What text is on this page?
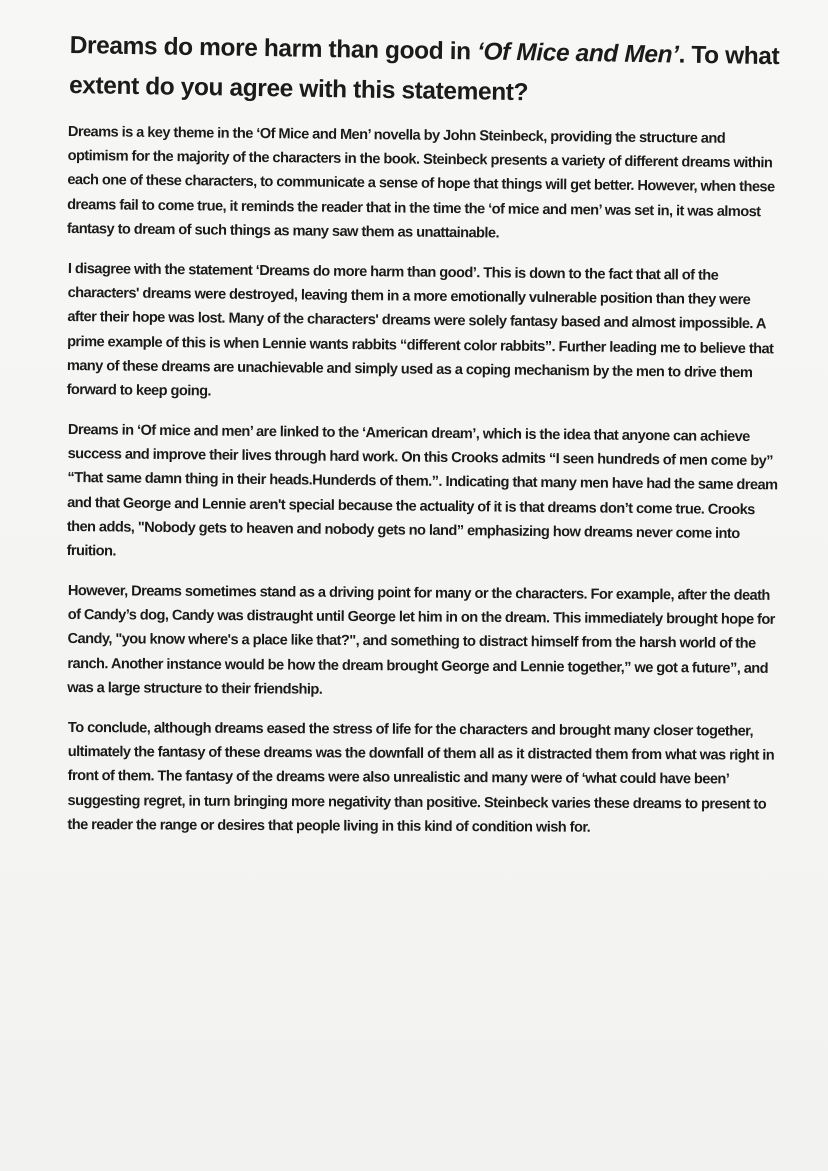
Dreams do more harm than good in ‘Of Mice and Men’. To what extent do you agree with this statement?

Dreams is a key theme in the ‘Of Mice and Men’ novella by John Steinbeck, providing the structure and optimism for the majority of the characters in the book. Steinbeck presents a variety of different dreams within each one of these characters, to communicate a sense of hope that things will get better. However, when these dreams fail to come true, it reminds the reader that in the time the ‘of mice and men’ was set in, it was almost fantasy to dream of such things as many saw them as unattainable.

I disagree with the statement ‘Dreams do more harm than good’. This is down to the fact that all of the characters' dreams were destroyed, leaving them in a more emotionally vulnerable position than they were after their hope was lost. Many of the characters' dreams were solely fantasy based and almost impossible. A prime example of this is when Lennie wants rabbits “different color rabbits”. Further leading me to believe that many of these dreams are unachievable and simply used as a coping mechanism by the men to drive them forward to keep going.

Dreams in ‘Of mice and men’ are linked to the ‘American dream’, which is the idea that anyone can achieve success and improve their lives through hard work. On this Crooks admits “I seen hundreds of men come by” “That same damn thing in their heads.Hunderds of them.”. Indicating that many men have had the same dream and that George and Lennie aren't special because the actuality of it is that dreams don’t come true. Crooks then adds, "Nobody gets to heaven and nobody gets no land” emphasizing how dreams never come into fruition.

However, Dreams sometimes stand as a driving point for many or the characters. For example, after the death of Candy’s dog, Candy was distraught until George let him in on the dream. This immediately brought hope for Candy, "you know where's a place like that?", and something to distract himself from the harsh world of the ranch. Another instance would be how the dream brought George and Lennie together,” we got a future”, and was a large structure to their friendship.

To conclude, although dreams eased the stress of life for the characters and brought many closer together, ultimately the fantasy of these dreams was the downfall of them all as it distracted them from what was right in front of them. The fantasy of the dreams were also unrealistic and many were of ‘what could have been’ suggesting regret, in turn bringing more negativity than positive. Steinbeck varies these dreams to present to the reader the range or desires that people living in this kind of condition wish for.
